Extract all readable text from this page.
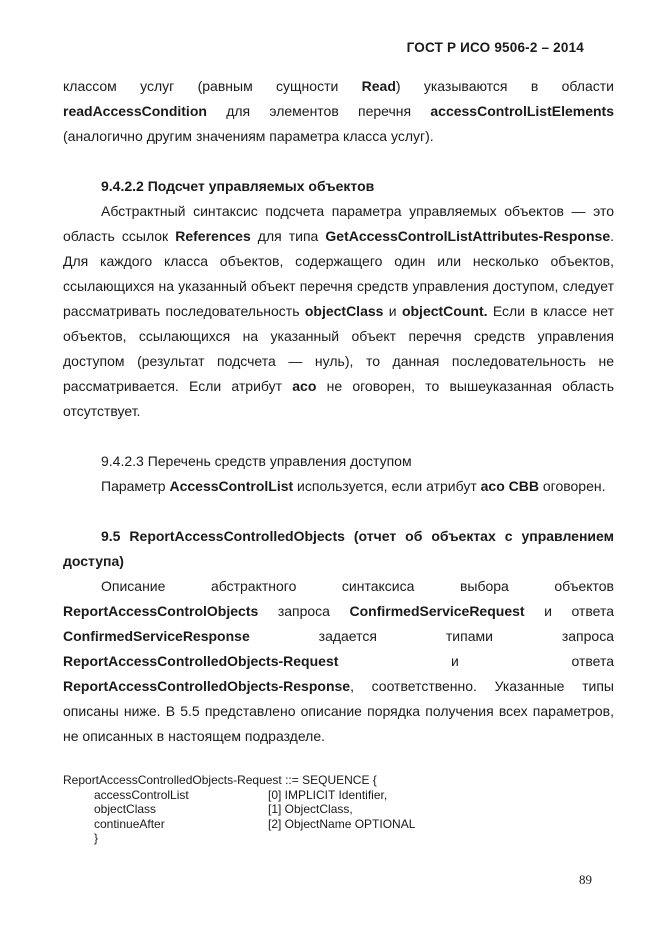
ГОСТ Р ИСО 9506-2 – 2014

классом услуг (равным сущности Read) указываются в области readAccessCondition для элементов перечня accessControlListElements (аналогично другим значениям параметра класса услуг).

9.4.2.2 Подсчет управляемых объектов

Абстрактный синтаксис подсчета параметра управляемых объектов — это область ссылок References для типа GetAccessControlListAttributes-Response. Для каждого класса объектов, содержащего один или несколько объектов, ссылающихся на указанный объект перечня средств управления доступом, следует рассматривать последовательность objectClass и objectCount. Если в классе нет объектов, ссылающихся на указанный объект перечня средств управления доступом (результат подсчета — нуль), то данная последовательность не рассматривается. Если атрибут aco не оговорен, то вышеуказанная область отсутствует.

9.4.2.3 Перечень средств управления доступом

Параметр AccessControlList используется, если атрибут aco CBB оговорен.

9.5 ReportAccessControlledObjects (отчет об объектах с управлением доступа)

Описание абстрактного синтаксиса выбора объектов ReportAccessControlObjects запроса ConfirmedServiceRequest и ответа ConfirmedServiceResponse задается типами запроса ReportAccessControlledObjects-Request и ответа ReportAccessControlledObjects-Response, соответственно. Указанные типы описаны ниже. В 5.5 представлено описание порядка получения всех параметров, не описанных в настоящем подразделе.

ReportAccessControlledObjects-Request ::= SEQUENCE {
accessControlList	[0] IMPLICIT Identifier,
objectClass	[1] ObjectClass,
continueAfter	[2] ObjectName OPTIONAL
}
89
